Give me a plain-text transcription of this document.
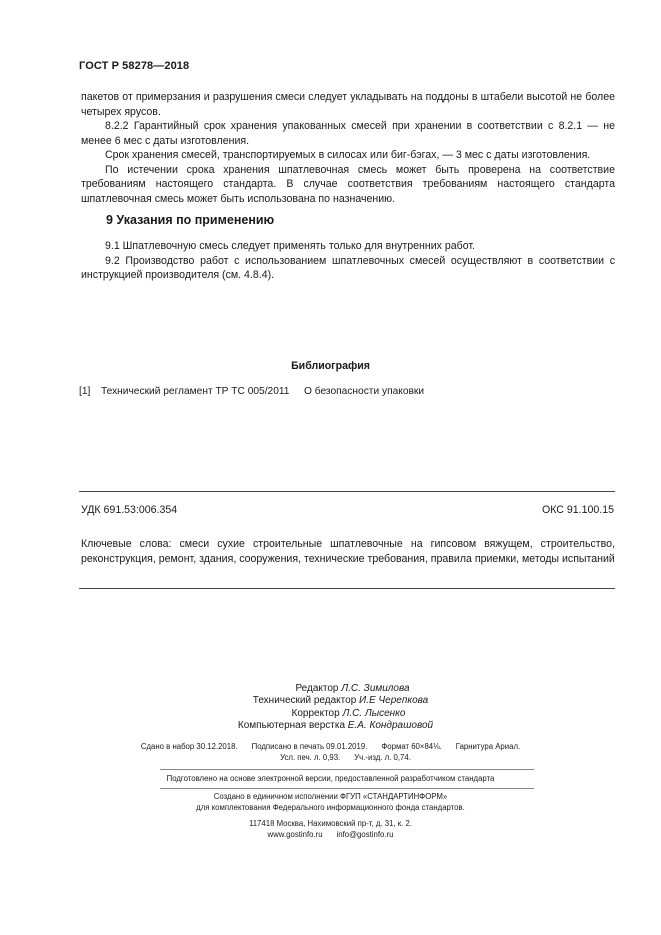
ГОСТ Р 58278—2018

пакетов от примерзания и разрушения смеси следует укладывать на поддоны в штабели высотой не более четырех ярусов.

8.2.2 Гарантийный срок хранения упакованных смесей при хранении в соответствии с 8.2.1 — не менее 6 мес с даты изготовления.

Срок хранения смесей, транспортируемых в силосах или биг-бэгах, — 3 мес с даты изготовления.

По истечении срока хранения шпатлевочная смесь может быть проверена на соответствие требованиям настоящего стандарта. В случае соответствия требованиям настоящего стандарта шпатлевочная смесь может быть использована по назначению.

9 Указания по применению

9.1 Шпатлевочную смесь следует применять только для внутренних работ.

9.2 Производство работ с использованием шпатлевочных смесей осуществляют в соответствии с инструкцией производителя (см. 4.8.4).

Библиография
[1] Технический регламент ТР ТС 005/2011 О безопасности упаковки
УДК 691.53:006.354	ОКС 91.100.15
Ключевые слова: смеси сухие строительные шпатлевочные на гипсовом вяжущем, строительство, реконструкция, ремонт, здания, сооружения, технические требования, правила приемки, методы испытаний
Редактор Л.С. Зимилова
Технический редактор И.Е Черепкова
Корректор Л.С. Лысенко
Компьютерная верстка Е.А. Кондрашовой
Сдано в набор 30.12.2018. Подписано в печать 09.01.2019. Формат 60×84⅛. Гарнитура Ариал.
Усл. печ. л. 0,93. Уч.-изд. л. 0,74.
Подготовлено на основе электронной версии, предоставленной разработчиком стандарта
Создано в единичном исполнении ФГУП «СТАНДАРТИНФОРМ»
для комплектования Федерального информационного фонда стандартов.
117418 Москва, Нахимовский пр-т, д. 31, к. 2.
www.gostinfo.ru info@gostinfo.ru
